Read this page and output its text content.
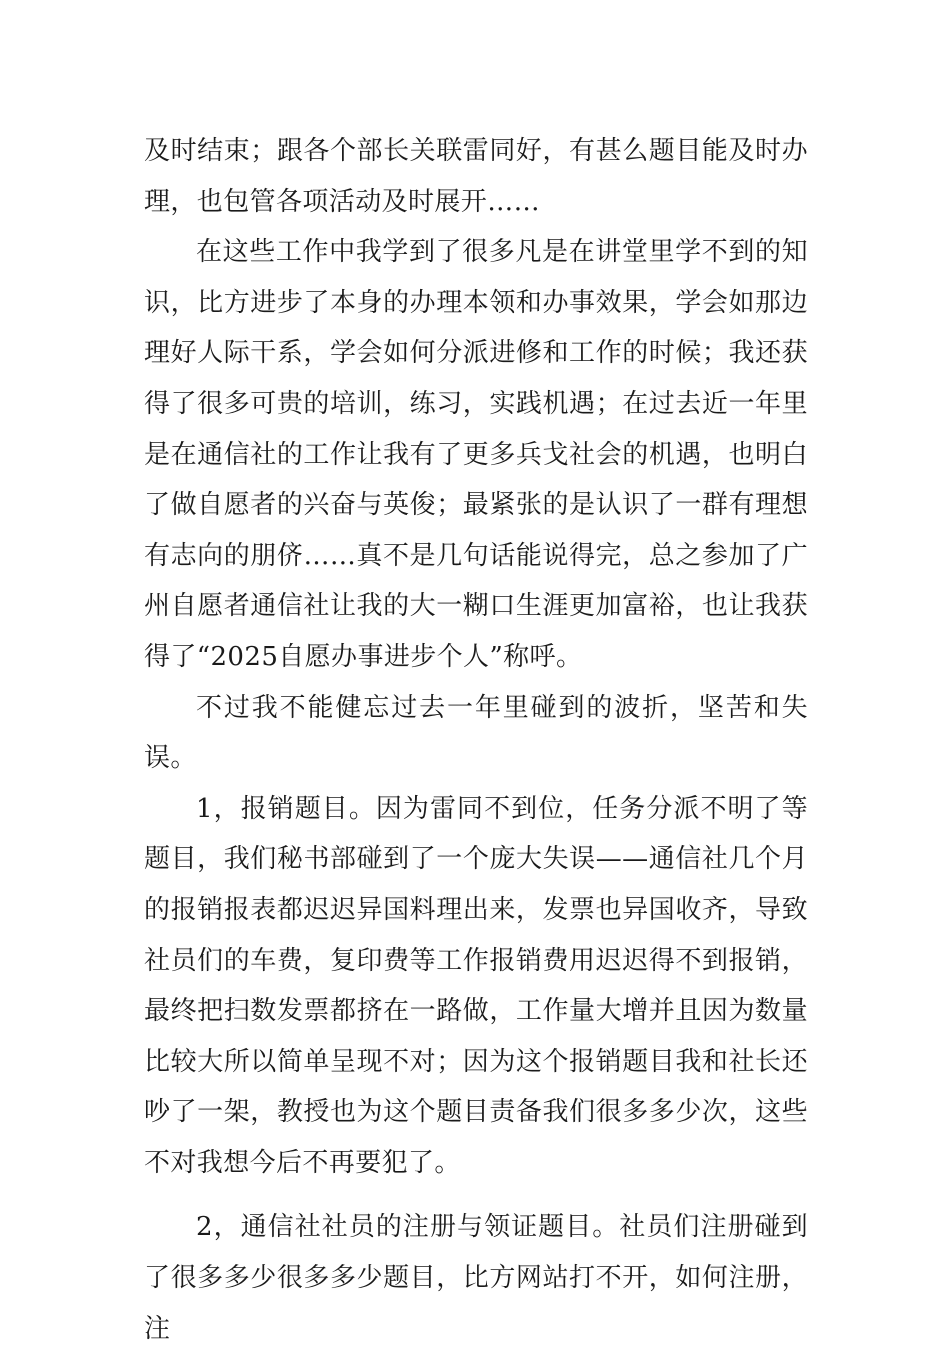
及时结束；跟各个部长关联雷同好，有甚么题目能及时办理，也包管各项活动及时展开……

在这些工作中我学到了很多凡是在讲堂里学不到的知识，比方进步了本身的办理本领和办事效果，学会如那边理好人际干系，学会如何分派进修和工作的时候；我还获得了很多可贵的培训，练习，实践机遇；在过去近一年里是在通信社的工作让我有了更多兵戈社会的机遇，也明白了做自愿者的兴奋与英俊；最紧张的是认识了一群有理想有志向的朋侪……真不是几句话能说得完，总之参加了广州自愿者通信社让我的大一糊口生涯更加富裕，也让我获得了“2025自愿办事进步个人”称呼。

不过我不能健忘过去一年里碰到的波折，坚苦和失误。

1，报销题目。因为雷同不到位，任务分派不明了等题目，我们秘书部碰到了一个庞大失误——通信社几个月的报销报表都迟迟异国料理出来，发票也异国收齐，导致社员们的车费，复印费等工作报销费用迟迟得不到报销，最终把扫数发票都挤在一路做，工作量大增并且因为数量比较大所以简单呈现不对；因为这个报销题目我和社长还吵了一架，教授也为这个题目责备我们很多多少次，这些不对我想今后不再要犯了。

2，通信社社员的注册与领证题目。社员们注册碰到了很多多少很多多少题目，比方网站打不开，如何注册，注
